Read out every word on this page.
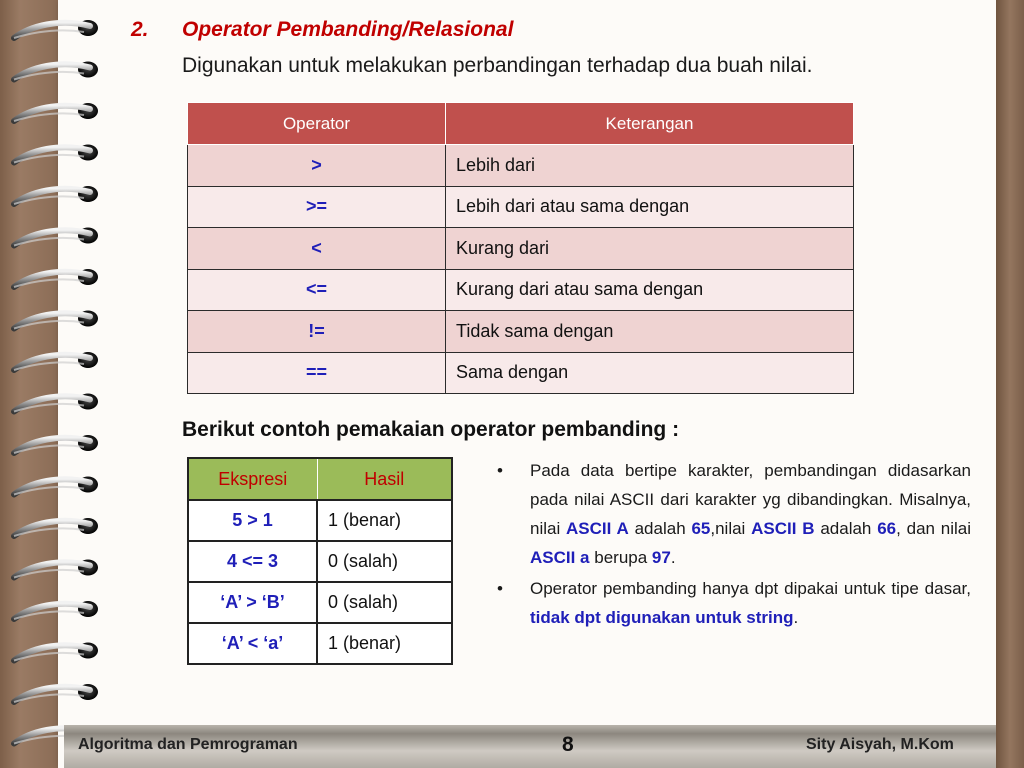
2. Operator Pembanding/Relasional
Digunakan untuk melakukan perbandingan terhadap dua buah nilai.
Operator	Keterangan
>	Lebih dari
>=	Lebih dari atau sama dengan
<	Kurang dari
<=	Kurang dari atau sama dengan
!=	Tidak sama dengan
==	Sama dengan
Berikut contoh pemakaian operator pembanding :
Ekspresi	Hasil
5 > 1	1 (benar)
4 <= 3	0 (salah)
‘A’ > ‘B’	0 (salah)
‘A’ < ‘a’	1 (benar)
• Pada data bertipe karakter, pembandingan didasarkan pada nilai ASCII dari karakter yg dibandingkan. Misalnya, nilai ASCII A adalah 65,nilai ASCII B adalah 66, dan nilai ASCII a berupa 97.
• Operator pembanding hanya dpt dipakai untuk tipe dasar, tidak dpt digunakan untuk string.
Algoritma dan Pemrograman	8	Sity Aisyah, M.Kom
